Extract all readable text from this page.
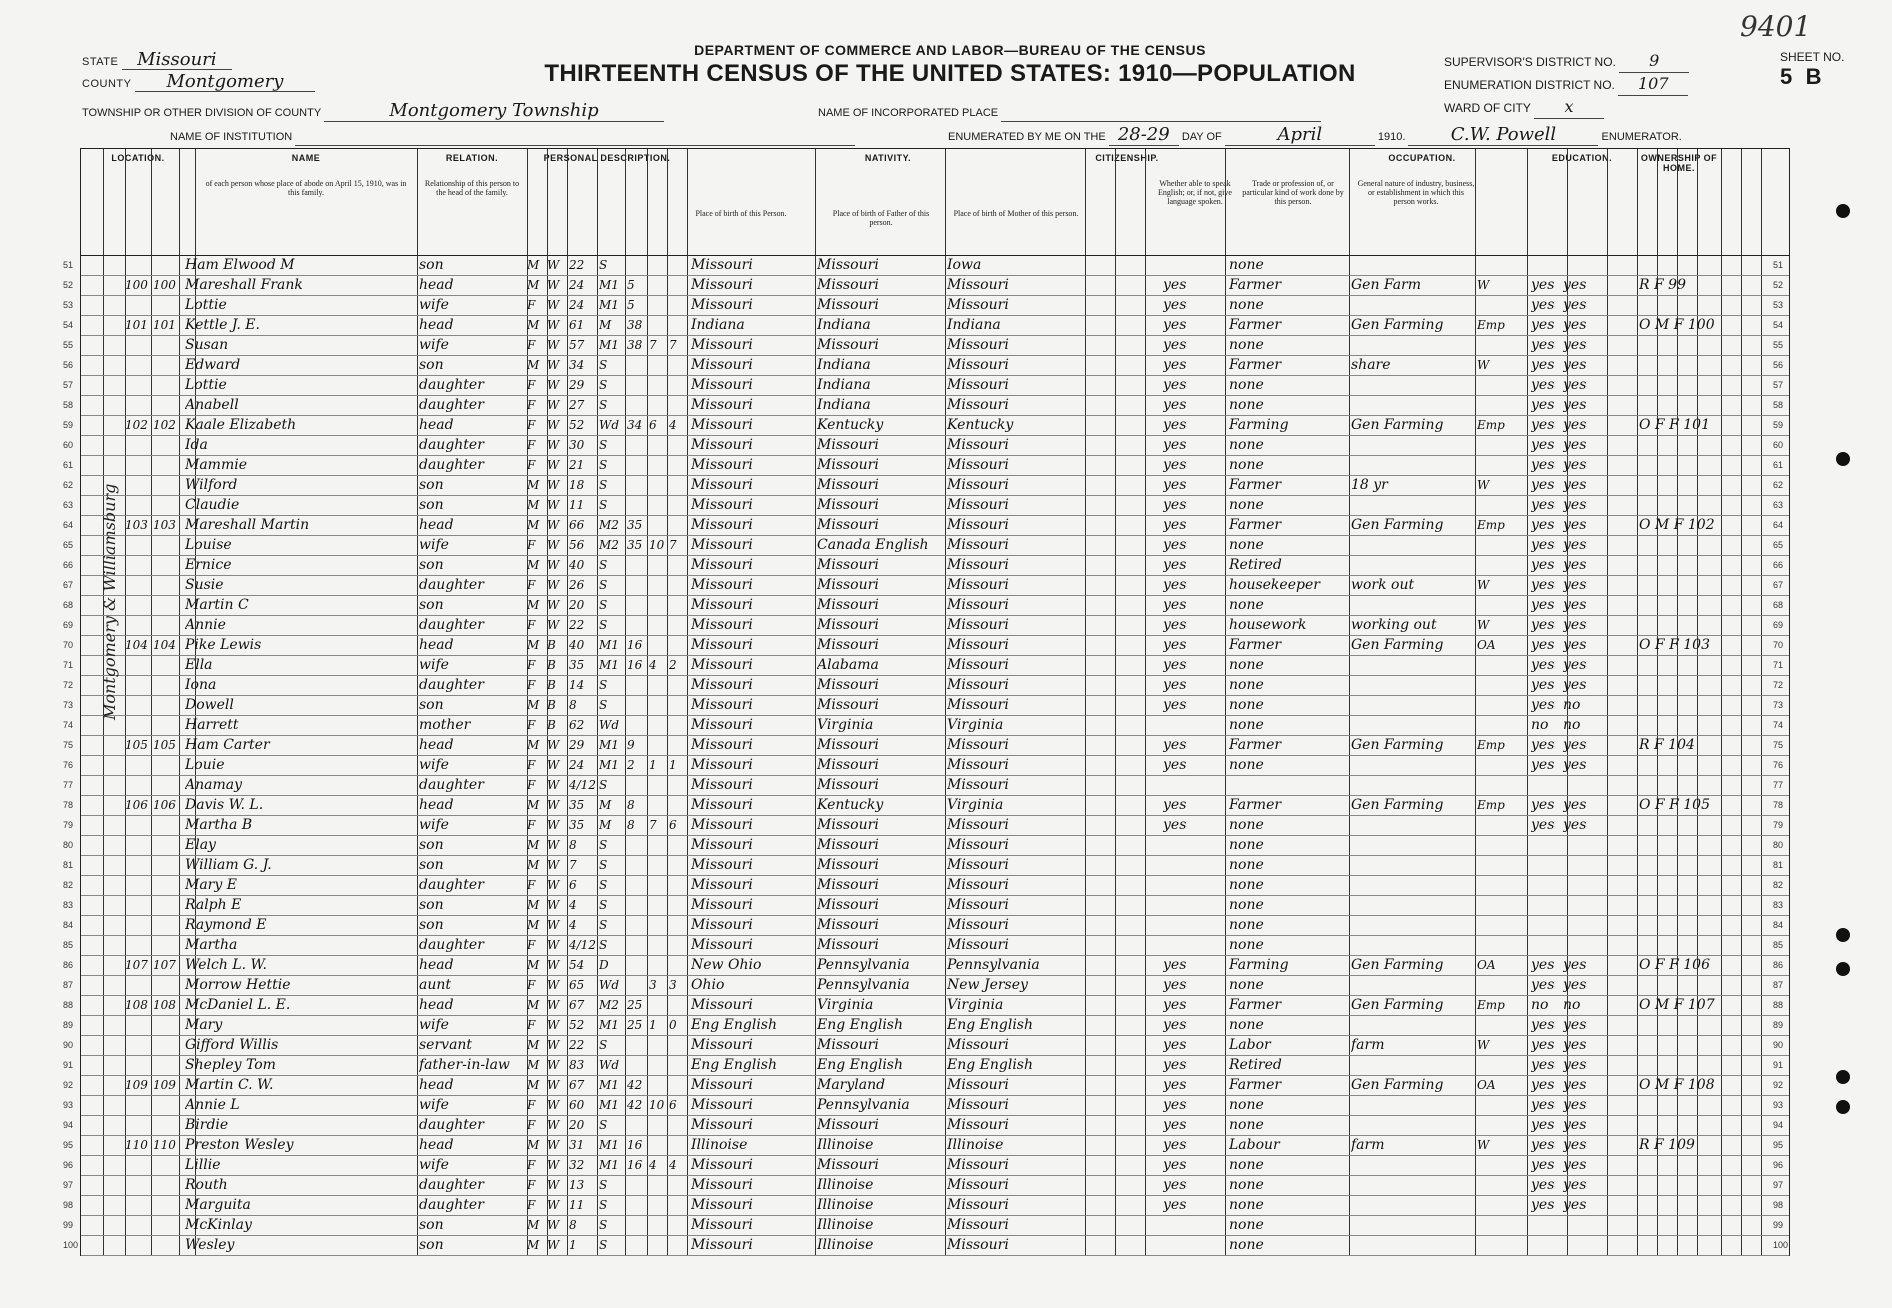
9401
STATE Missouri
COUNTY Montgomery
DEPARTMENT OF COMMERCE AND LABOR—BUREAU OF THE CENSUS
THIRTEENTH CENSUS OF THE UNITED STATES: 1910—POPULATION	SUPERVISOR'S DISTRICT NO. 9
ENUMERATION DISTRICT NO. 107
WARD OF CITY x
SHEET NO.
5 B
TOWNSHIP OR OTHER DIVISION OF COUNTY	Montgomery Township	NAME OF INCORPORATED PLACE
NAME OF INSTITUTION	ENUMERATED BY ME ON THE 28-29 DAY OF	April	1910.	C.W. Powell	ENUMERATOR.
LOCATION.	NAME	RELATION.	PERSONAL DESCRIPTION.	NATIVITY.	CITIZENSHIP.	OCCUPATION.	EDUCATION.	OWNERSHIP OF HOME.
of each person whose place of abode on April 15, 1910, was in this family.
Relationship of this person to the head of the family.
Place of birth of this Person.	Place of birth of Father of this person.
Place of birth of Mother of this person.
Whether able to speak English; or, if not, give language spoken.
Trade or profession of, or particular kind of work done by this person.
General nature of industry, business, or establishment in which this person works.
51
51	Ham Elwood M	son	M W 22	S	Missouri	Missouri	Iowa	none
52
52	100 100 Mareshall Frank	head	M W 24	M1 5	Missouri	Missouri	Missouri	yes	Farmer	Gen Farm	W	yes yes	R F 99
53
53	Lottie	wife	F W 24	M1 5	Missouri	Missouri	Missouri	yes	none	yes yes
54
54	101 101 Kettle J. E.	head	M W 61	M	38	Indiana	Indiana	Indiana	yes	Farmer	Gen Farming	Emp	yes yes	O M F 100
55
55	Susan	wife	F W 57	M1 38 7	7	Missouri	Missouri	Missouri	yes	none	yes yes
56
56	Edward	son	M W 34	S	Missouri	Indiana	Missouri	yes	Farmer	share	W	yes yes
57
57	Lottie	daughter	F W 29	S	Missouri	Indiana	Missouri	yes	none	yes yes
58
58	Anabell	daughter	F W 27	S	Missouri	Indiana	Missouri	yes	none	yes yes
59
59	102 102 Kaale Elizabeth	head	F W 52	Wd 34 6	4	Missouri	Kentucky	Kentucky	yes	Farming	Gen Farming	Emp	yes yes	O F F 101
60
60	Ida	daughter	F W 30	S	Missouri	Missouri	Missouri	yes	none	yes yes
61
61	Mammie	daughter	F W 21	S	Missouri	Missouri	Missouri	yes	none	yes yes
62
62	Wilford	son	M W 18	S	Missouri	Missouri	Missouri	yes	Farmer	18 yr	W	yes yes
63
63	Claudie	son	M W 11	S	Missouri	Missouri	Missouri	yes	none	yes yes
64
64	103 103 Mareshall Martin	head	M W 66	M2 35	Missouri	Missouri	Missouri	yes	Farmer	Gen Farming	Emp	yes yes	O M F 102
65
65	Louise	wife	F W 56	M2 35 10 7	Missouri	Canada English	Missouri	yes	none	yes yes
66
66	Ernice	son	M W 40	S	Missouri	Missouri	Missouri	yes	Retired	yes yes
67
67	Susie	daughter	F W 26	S	Missouri	Missouri	Missouri	yes	housekeeper	work out	W	yes yes
68
68	Martin C	son	M W 20	S	Missouri	Missouri	Missouri	yes	none	yes yes
69
69	Annie	daughter	F W 22	S	Missouri	Missouri	Missouri	yes	housework	working out	W	yes yes
70
70	104 104 Pike Lewis	head	M B	40	M1 16	Missouri	Missouri	Missouri	yes	Farmer	Gen Farming	OA	yes yes	O F F 103
71
71	Ella	wife	F B	35	M1 16 4	2	Missouri	Alabama	Missouri	yes	none	yes yes
72
72	Iona	daughter	F B	14	S	Missouri	Missouri	Missouri	yes	none	yes yes
73
73	Dowell	son	M B	8	S	Missouri	Missouri	Missouri	yes	none	yes no
74
74	Harrett	mother	F B	62	Wd	Missouri	Virginia	Virginia	none	no	no
75
75	105 105 Ham Carter	head	M W 29	M1 9	Missouri	Missouri	Missouri	yes	Farmer	Gen Farming	Emp	yes yes	R F 104
76
76	Louie	wife	F W 24	M1 2	1	1	Missouri	Missouri	Missouri	yes	none	yes yes
77
77	Anamay	daughter	F W 4/12 S	Missouri	Missouri	Missouri
78
78	106 106 Davis W. L.	head	M W 35	M	8	Missouri	Kentucky	Virginia	yes	Farmer	Gen Farming	Emp	yes yes	O F F 105
79
79	Martha B	wife	F W 35	M	8	7	6	Missouri	Missouri	Missouri	yes	none	yes yes
80
80	Elay	son	M W 8	S	Missouri	Missouri	Missouri	none
81
81	William G. J.	son	M W 7	S	Missouri	Missouri	Missouri	none
82
82	Mary E	daughter	F W 6	S	Missouri	Missouri	Missouri	none
83
83	Ralph E	son	M W 4	S	Missouri	Missouri	Missouri	none
84
84	Raymond E	son	M W 4	S	Missouri	Missouri	Missouri	none
85
85	Martha	daughter	F W 4/12 S	Missouri	Missouri	Missouri	none
86
86	107 107 Welch L. W.	head	M W 54	D	New Ohio	Pennsylvania	Pennsylvania	yes	Farming	Gen Farming	OA	yes yes	O F F 106
87
87	Morrow Hettie	aunt	F W 65	Wd	3	3	Ohio	Pennsylvania	New Jersey	yes	none	yes yes
88
88	108 108 McDaniel L. E.	head	M W 67	M2 25	Missouri	Virginia	Virginia	yes	Farmer	Gen Farming	Emp	no	no	O M F 107
89
89	Mary	wife	F W 52	M1 25 1	0	Eng English	Eng English	Eng English	yes	none	yes yes
90
90	Gifford Willis	servant	M W 22	S	Missouri	Missouri	Missouri	yes	Labor	farm	W	yes yes
91
91	Shepley Tom	father-in-law	M W 83	Wd	Eng English	Eng English	Eng English	yes	Retired	yes yes
92
92	109 109 Martin C. W.	head	M W 67	M1 42	Missouri	Maryland	Missouri	yes	Farmer	Gen Farming	OA	yes yes	O M F 108
93
93	Annie L	wife	F W 60	M1 42 10 6	Missouri	Pennsylvania	Missouri	yes	none	yes yes
94
94	Birdie	daughter	F W 20	S	Missouri	Missouri	Missouri	yes	none	yes yes
95
95	110 110 Preston Wesley	head	M W 31	M1 16	Illinoise	Illinoise	Illinoise	yes	Labour	farm	W	yes yes	R F 109
96
96	Lillie	wife	F W 32	M1 16 4	4	Missouri	Missouri	Missouri	yes	none	yes yes
97
97	Routh	daughter	F W 13	S	Missouri	Illinoise	Missouri	yes	none	yes yes
98
98	Marguita	daughter	F W 11	S	Missouri	Illinoise	Missouri	yes	none	yes yes
99
99	McKinlay	son	M W 8	S	Missouri	Illinoise	Missouri	none
100
100	Wesley	son	M W 1	S	Missouri	Illinoise	Missouri	none
Montgomery & Williamsburg
